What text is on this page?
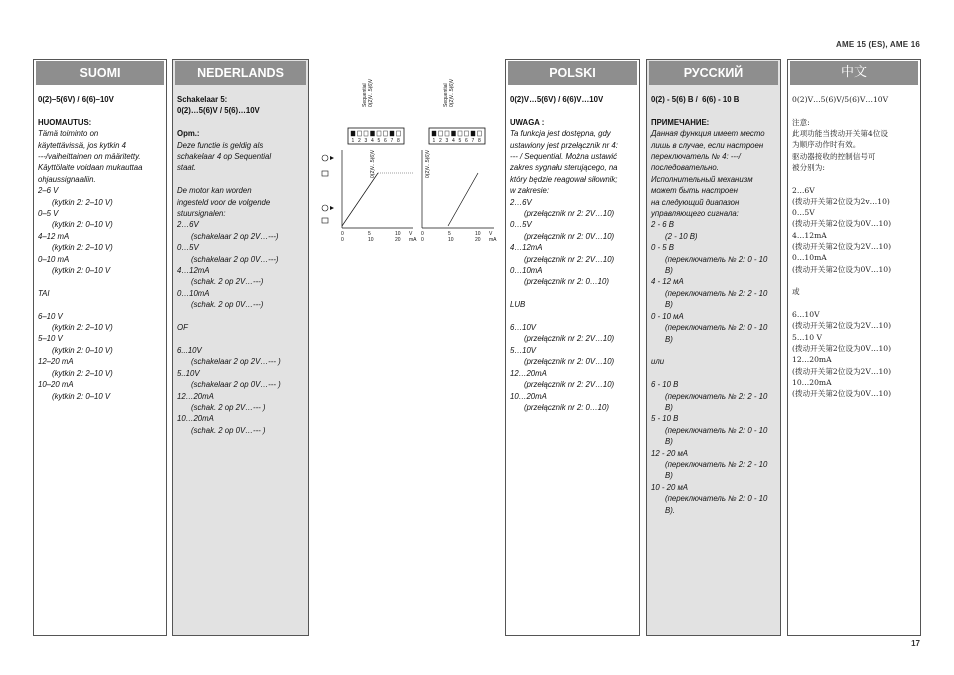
AME 15 (ES), AME 16
SUOMI
0(2)–5(6V) / 6(6)–10V
HUOMAUTUS:
Tämä toiminto on
käytettävissä, jos kytkin 4
---/vaiheittainen on määritetty.
Käyttölaite voidaan mukauttaa
ohjaussignaaliin.
2–6 V
(kytkin 2: 2–10 V)
0–5 V
(kytkin 2: 0–10 V)
4–12 mA
(kytkin 2: 2–10 V)
0–10 mA
(kytkin 2: 0–10 V
TAI
6–10 V
(kytkin 2: 2–10 V)
5–10 V
(kytkin 2: 0–10 V)
12–20 mA
(kytkin 2: 2–10 V)
10–20 mA
(kytkin 2: 0–10 V
NEDERLANDS
Schakelaar 5:
0(2)…5(6)V / 5(6)…10V
Opm.:
Deze functie is geldig als
schakelaar 4 op Sequential
staat.
De motor kan worden
ingesteld voor de volgende
stuursignalen:
2…6V
(schakelaar 2 op 2V…---)
0…5V
(schakelaar 2 op 0V…---)
4…12mA
(schak. 2 op 2V…---)
0…10mA
(schak. 2 op 0V…---)
OF
6...10V
(schakelaar 2 op 2V…--- )
5..10V
(schakelaar 2 op 0V…--- )
12…20mA
(schak. 2 op 2V…--- )
10…20mA
(schak. 2 op 0V…--- )
1 2 3 4 5 6 7 8
Sequential 0(2)V...5(6)V
0(2)V...5(6)V
1 2 3 4 5 6 7 8
Sequential 0(2)V...5(6)V
0(2)V...5(6)V
0	5	10 V
0	10	20 mA
0	5	10 V
0	10	20 mA
POLSKI
0(2)V…5(6V) / 6(6)V…10V
UWAGA :
Ta funkcja jest dostępna, gdy
ustawiony jest przełącznik nr 4:
--- / Sequential. Można ustawić
zakres sygnału sterującego, na
który będzie reagował siłownik;
w zakresie:
2…6V
(przełącznik nr 2: 2V…10)
0…5V
(przełącznik nr 2: 0V…10)
4…12mA
(przełącznik nr 2: 2V…10)
0…10mA
(przełącznik nr 2: 0…10)
LUB
6…10V
(przełącznik nr 2: 2V…10)
5…10V
(przełącznik nr 2: 0V…10)
12…20mA
(przełącznik nr 2: 2V…10)
10…20mA
(przełącznik nr 2: 0…10)
РУССКИЙ
0(2) - 5(6) B /  6(6) - 10 B
ПРИМЕЧАНИЕ:
Данная функция имеет место
лишь в случае, если настроен
переключатель № 4: ---/
последовательно.
Исполнительный механизм
может быть настроен
на следующий диапазон
управляющего сигнала:
2 - 6 В
(2 - 10 В)
0 - 5 В
(переключатель № 2: 0 - 10 В)
4 - 12 мА
(переключатель № 2: 2 - 10 В)
0 - 10 мА
(переключатель № 2: 0 - 10 В)
или
6 - 10 В
(переключатель № 2: 2 - 10 В)
5 - 10 В
(переключатель № 2: 0 - 10 В)
12 - 20 мА
(переключатель № 2: 2 - 10 В)
10 - 20 мА
(переключатель № 2: 0 - 10 В).
中文
0(2)V…5(6)V/5(6)V…10V
注意:
此项功能当拨动开关第4位设
为顺序动作时有效。
驱动器接收的控制信号可
被分别为:
2…6V
(拨动开关第2位设为2v…10)
0…5V
(拨动开关第2位设为0V…10)
4…12mA
(拨动开关第2位设为2V…10)
0…10mA
(拨动开关第2位设为0V…10)
或
6…10V
(拨动开关第2位设为2V…10)
5…10 V
(拨动开关第2位设为0V…10)
12…20mA
(拨动开关第2位设为2V…10)
10…20mA
(拨动开关第2位设为0V…10)
17
